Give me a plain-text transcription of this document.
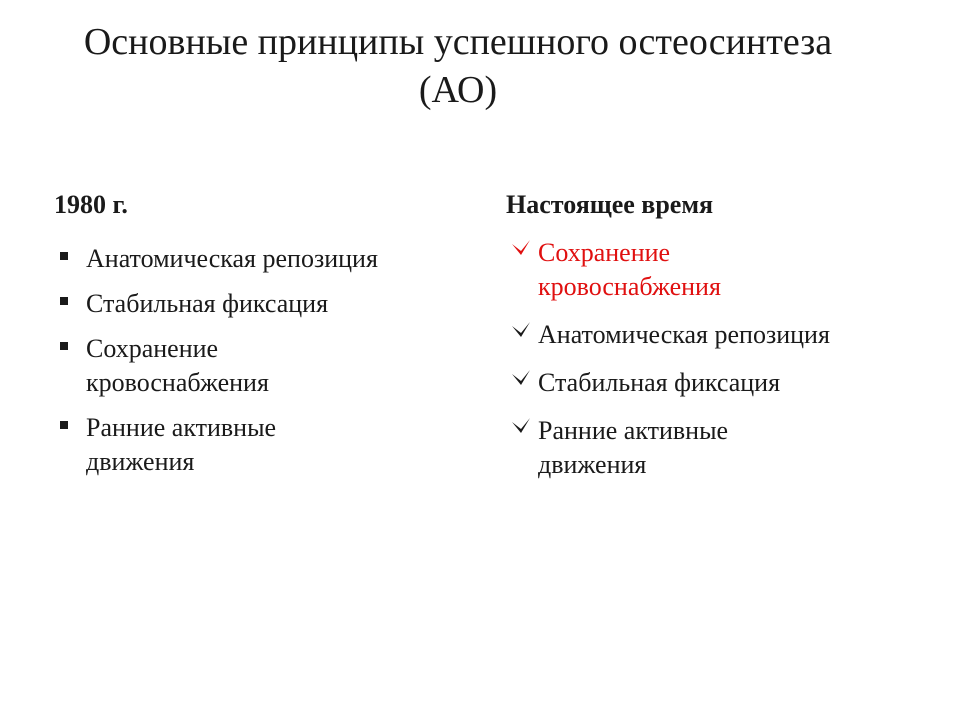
Основные принципы успешного остеосинтеза
(АО)

1980 г.

Анатомическая репозиция
Стабильная фиксация
Сохранение
кровоснабжения
Ранние активные
движения

Настоящее время

Сохранение
кровоснабжения
Анатомическая репозиция
Стабильная фиксация
Ранние активные
движения
